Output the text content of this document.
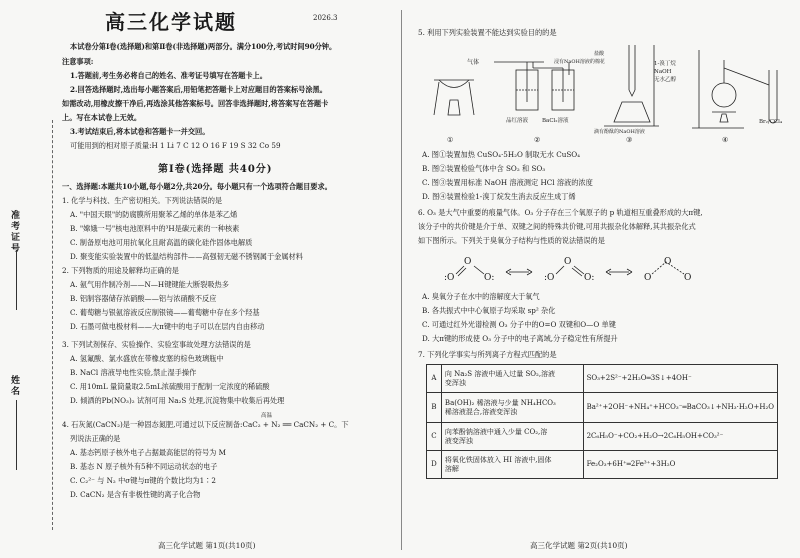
准考证号
姓名
高三化学试题	2026.3
本试卷分第Ⅰ卷(选择题)和第Ⅱ卷(非选择题)两部分。满分100分,考试时间90分钟。
注意事项:
1.答题前,考生务必将自己的姓名、准考证号填写在答题卡上。
2.回答选择题时,选出每小题答案后,用铅笔把答题卡上对应题目的答案标号涂黑。
如需改动,用橡皮擦干净后,再选涂其他答案标号。回答非选择题时,将答案写在答题卡
上。写在本试卷上无效。
3.考试结束后,将本试卷和答题卡一并交回。
可能用到的相对原子质量:H 1 Li 7 C 12 O 16 F 19 S 32 Co 59
第Ⅰ卷(选择题 共40分)
一、选择题:本题共10小题,每小题2分,共20分。每小题只有一个选项符合题目要求。
1. 化学与科技、生产密切相关。下列说法错误的是
A. "中国天眼"的防腐膜所用聚苯乙烯的单体是苯乙烯
B. "嫦娥一号"核电池原料中的³H是碳元素的一种核素
C. 制备原电池可用抗氧化且耐高温的碳化硅作固体电解质
D. 聚变能实验装置中的低温结构部件——高强韧无磁不锈钢属于金属材料
2. 下列物质的用途及解释均正确的是
A. 氨气用作制冷剂——N—H键键能大断裂吸热多
B. 铝制容器储存浓硝酸——铝与浓硝酸不反应
C. 葡萄糖与银氨溶液反应制银镜——葡萄糖中存在多个羟基
D. 石墨可做电极材料——大π键中的电子可以在层内自由移动
3. 下列试剂保存、实验操作、实验室事故处理方法错误的是
A. 氢氟酸、氯水盛放在带橡皮塞的棕色玻璃瓶中
B. NaCl 溶液导电性实验,禁止湿手操作
C. 用10mL 量筒量取2.5mL浓硫酸用于配制一定浓度的稀硫酸
D. 倾洒的Pb(NO₃)₂ 试剂可用 Na₂S 处理,沉淀物集中收集后再处理
4. 石灰氮(CaCN₂)是一种固态氮肥,可通过以下反应制备:CaC₂ + N₂ ══ CaCN₂ + C。下
高温
列说法正确的是
A. 基态钙原子核外电子占据最高能层的符号为 M
B. 基态 N 原子核外有5种不同运动状态的电子
C. C₂²⁻ 与 N₂ 中σ键与π键的个数比均为1∶2
D. CaCN₂ 是含有非极性键的离子化合物
高三化学试题 第1页(共10页)
5. 利用下列实验装置不能达到实验目的的是
气体
品红溶液	BaCl₂溶液
盐酸
1-溴丁烷
NaOH
无水乙醇
Br₂/CCl₄
浸有NaOH溶液的棉花
滴有酚酞的NaOH溶液
①	②	③	④
A. 图①装置加热 CuSO₄·5H₂O 制取无水 CuSO₄
B. 图②装置检验气体中含 SO₂ 和 SO₃
C. 图③装置用标准 NaOH 溶液测定 HCl 溶液的浓度
D. 图④装置检验1-溴丁烷发生消去反应生成丁烯
6. O₃ 是大气中重要的痕量气体。O₃ 分子存在三个氧原子的 p 轨道相互重叠形成的大π键,
该分子中的共价键是介于单、双键之间的特殊共价键,可用共振杂化体解释,其共振杂化式
如下图所示。下列关于臭氧分子结构与性质的说法错误的是
:O
O
O:	:O
O
O:	O
O
O
A. 臭氧分子在水中的溶解度大于氧气
B. 各共振式中中心氧原子均采取 sp² 杂化
C. 可通过红外光谱检测 O₃ 分子中的O=O 双键和O—O 单键
D. 大π键的形成使 O₃ 分子中的电子离域,分子稳定性有所提升
7. 下列化学事实与所列离子方程式匹配的是
A	向 Na₂S 溶液中通入过量 SO₂,溶液
变浑浊	SO₃+2S²⁻+2H₂O═3S↓+4OH⁻
B	Ba(OH)₂ 稀溶液与少量 NH₄HCO₃
稀溶液混合,溶液变浑浊	Ba²⁺+2OH⁻+NH₄⁺+HCO₃⁻═BaCO₃↓+NH₃·H₂O+H₂O
C	向苯酚钠溶液中通入少量 CO₂,溶
液变浑浊	2C₆H₅O⁻+CO₂+H₂O→2C₆H₅OH+CO₃²⁻
D	将氧化铁固体放入 HI 溶液中,固体
溶解	Fe₂O₃+6H⁺═2Fe³⁺+3H₂O
高三化学试题 第2页(共10页)
